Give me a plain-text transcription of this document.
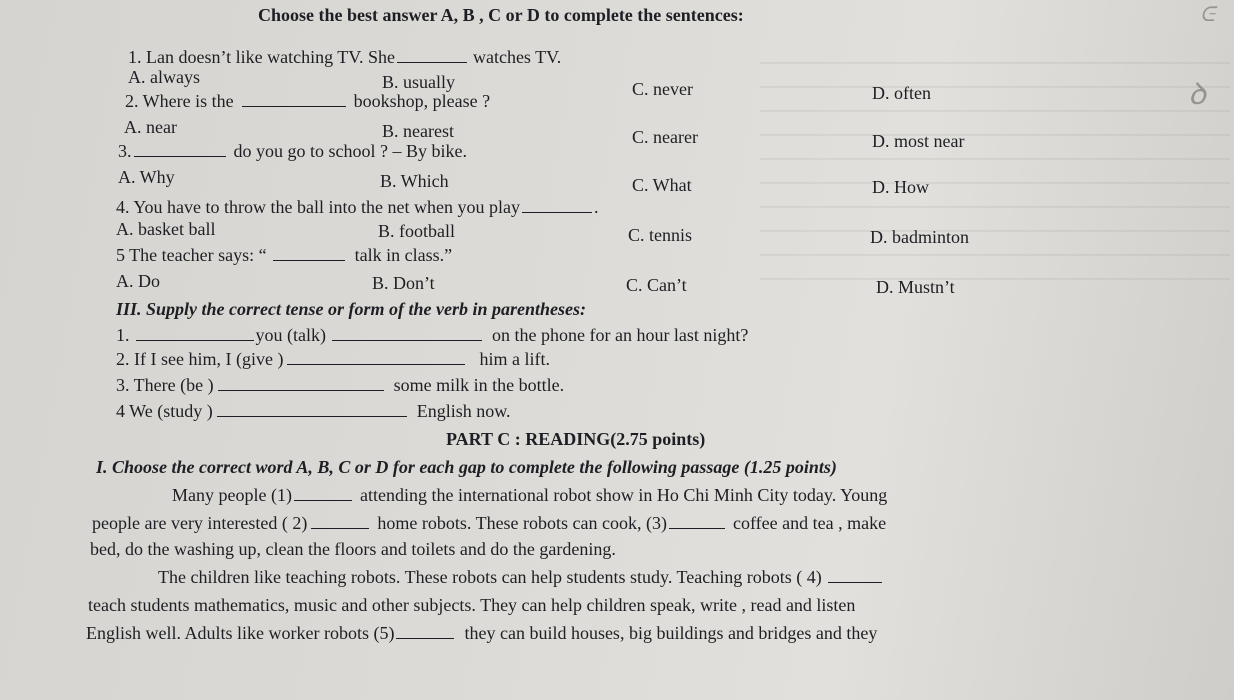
ᕮ
ꝺ
Choose the best answer A, B , C or D to complete the sentences:
1. Lan doesn’t like watching TV. She	watches TV.
A. always	B. usually	C. never	D. often
2. Where is the	bookshop, please ?
A. near	B. nearest	C. nearer	D. most near
3.	do you go to school ? – By bike.
A. Why	B. Which	C. What	D. How
4. You have to throw the ball into the net when you play	.
A. basket ball	B. football	C. tennis	D. badminton
5 The teacher says: “	talk in class.”
A. Do	B. Don’t	C. Can’t	D. Mustn’t
III. Supply the correct tense or form of the verb in parentheses:
1.	you (talk)	on the phone for an hour last night?
2. If I see him, I (give )	him a lift.
3. There (be )	some milk in the bottle.
4 We (study )	English now.
PART C : READING(2.75 points)
I. Choose the correct word A, B, C or D for each gap to complete the following passage (1.25 points)
Many people (1)	attending the international robot show in Ho Chi Minh City today. Young
people are very interested ( 2)	home robots. These robots can cook, (3)	coffee and tea , make
bed, do the washing up, clean the floors and toilets and do the gardening.
The children like teaching robots. These robots can help students study. Teaching robots ( 4)
teach students mathematics, music and other subjects. They can help children speak, write , read and listen
English well. Adults like worker robots (5)	they can build houses, big buildings and bridges and they
